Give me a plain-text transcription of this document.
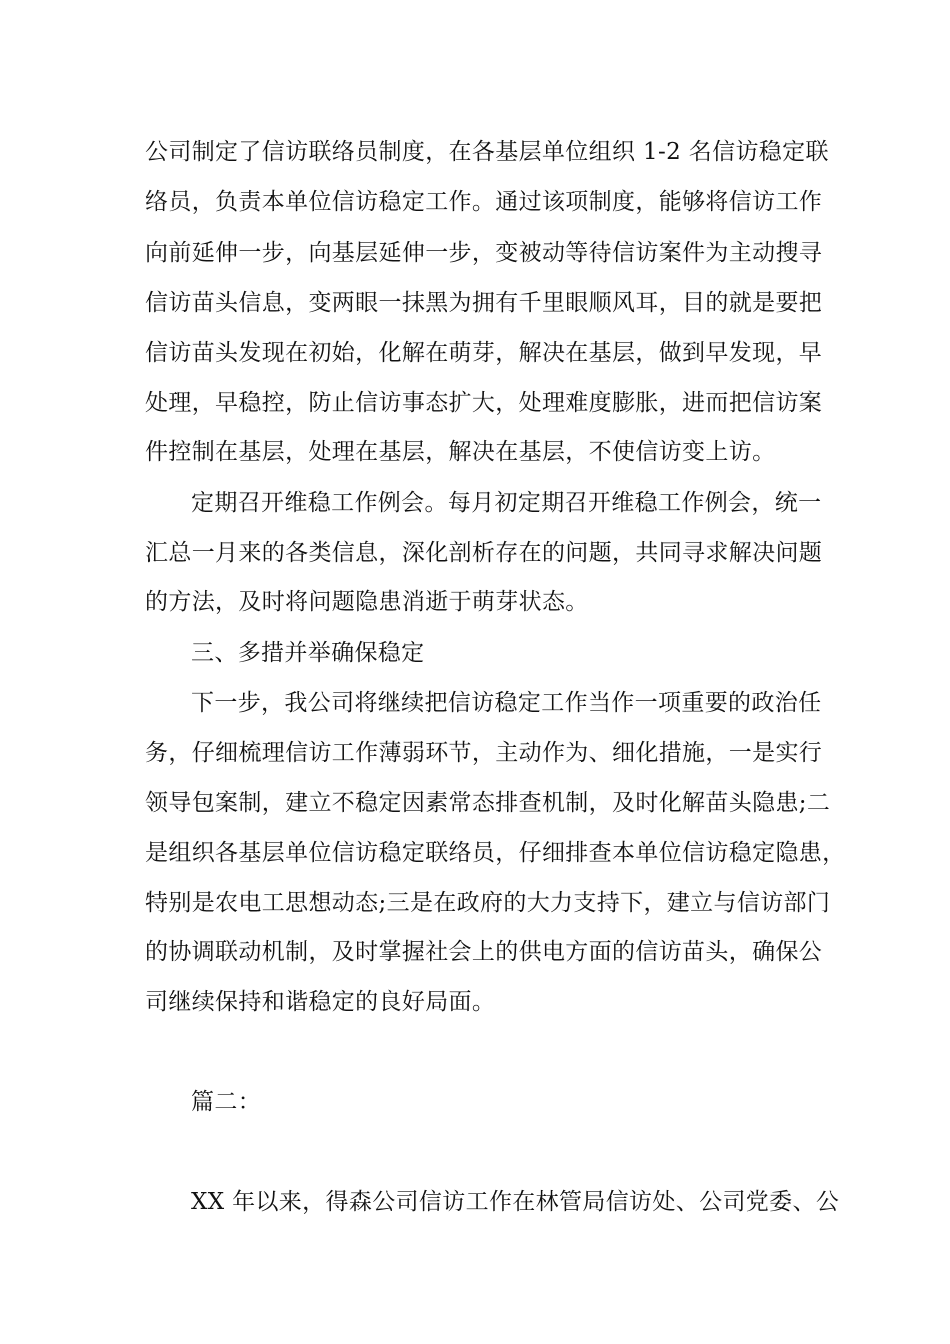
公司制定了信访联络员制度，在各基层单位组织 1-2 名信访稳定联
络员，负责本单位信访稳定工作。通过该项制度，能够将信访工作
向前延伸一步，向基层延伸一步，变被动等待信访案件为主动搜寻
信访苗头信息，变两眼一抹黑为拥有千里眼顺风耳，目的就是要把
信访苗头发现在初始，化解在萌芽，解决在基层，做到早发现，早
处理，早稳控，防止信访事态扩大，处理难度膨胀，进而把信访案
件控制在基层，处理在基层，解决在基层，不使信访变上访。
定期召开维稳工作例会。每月初定期召开维稳工作例会，统一
汇总一月来的各类信息，深化剖析存在的问题，共同寻求解决问题
的方法，及时将问题隐患消逝于萌芽状态。
三、多措并举确保稳定
下一步，我公司将继续把信访稳定工作当作一项重要的政治任
务，仔细梳理信访工作薄弱环节，主动作为、细化措施，一是实行
领导包案制，建立不稳定因素常态排查机制，及时化解苗头隐患;二
是组织各基层单位信访稳定联络员，仔细排查本单位信访稳定隐患，
特别是农电工思想动态;三是在政府的大力支持下，建立与信访部门
的协调联动机制，及时掌握社会上的供电方面的信访苗头，确保公
司继续保持和谐稳定的良好局面。
篇二：
XX 年以来，得森公司信访工作在林管局信访处、公司党委、公
